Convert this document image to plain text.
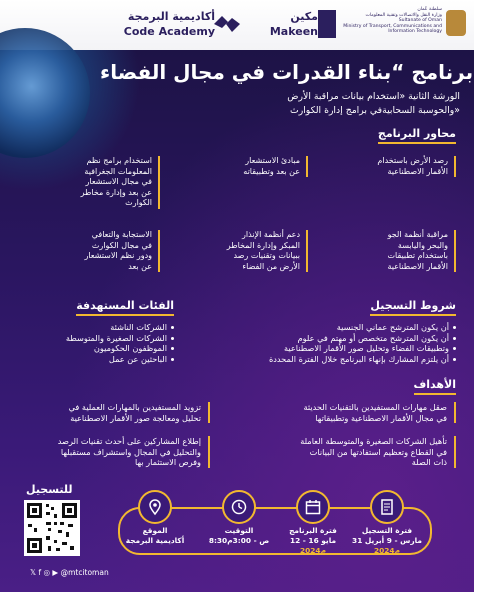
أكاديمية البرمجة
Code Academy
مكين
Makeen
سلطنة عُمان
وزارة النقل والاتصالات وتقنية المعلومات
Sultanate of Oman
Ministry of Transport, Communications and
Information Technology
برنامج “بناء القدرات في مجال الفضاء“
الورشة الثانية «استخدام بيانات مراقبة الأرض
والحوسبة السحابيةفي برامج إدارة الكوارث»
محاور البرنامج
رصد الأرض باستخدام
الأقمار الاصطناعية
مبادئ الاستشعار
عن بعد وتطبيقاته
استخدام برامج نظم
المعلومات الجغرافية
في مجال الاستشعار
عن بعد وإدارة مخاطر
الكوارث
مراقبة أنظمة الجو
والبحر واليابسة
باستخدام تطبيقات
الأقمار الاصطناعية
دعم أنظمة الإنذار
المبكر وإدارة المخاطر
ببيانات وتقنيات رصد
الأرض من الفضاء
الاستجابة والتعافي
في مجال الكوارث
ودور نظم الاستشعار
عن بعد
شروط التسجيل
أن يكون المترشح عماني الجنسية
أن يكون المترشح متخصص أو مهتم في علوم
وتطبيقات الفضاء وتحليل صور الأقمار الاصطناعية
أن يلتزم المشارك بإنهاء البرنامج خلال الفترة المحددة
الفئات المستهدفة
الشركات الناشئة
الشركات الصغيرة والمتوسطة
الموظفون الحكوميون
الباحثين عن عمل
الأهداف
صقل مهارات المستفيدين بالتقنيات الحديثة
في مجال الأقمار الاصطناعية وتطبيقاتها
تأهيل الشركات الصغيرة والمتوسطة العاملة
في القطاع وتعظيم استفادتها من البيانات
ذات الصلة
تزويد المستفيدين بالمهارات العملية في
تحليل ومعالجة صور الأقمار الاصطناعية
إطلاع المشاركين على أحدث تقنيات الرصد
والتحليل في المجال واستشراف مستقبلها
وفرص الاستثمار بها
للتسجيل
𝕏 f ◎ ▶ @mtcitoman
فترة التسجيل
31 مارس - 9 أبريل
2024م
فترة البرنامج
12 - 16 مايو
2024م
التوقيت
8:30ص - 3:00م
الموقع
أكاديمية البرمجة
